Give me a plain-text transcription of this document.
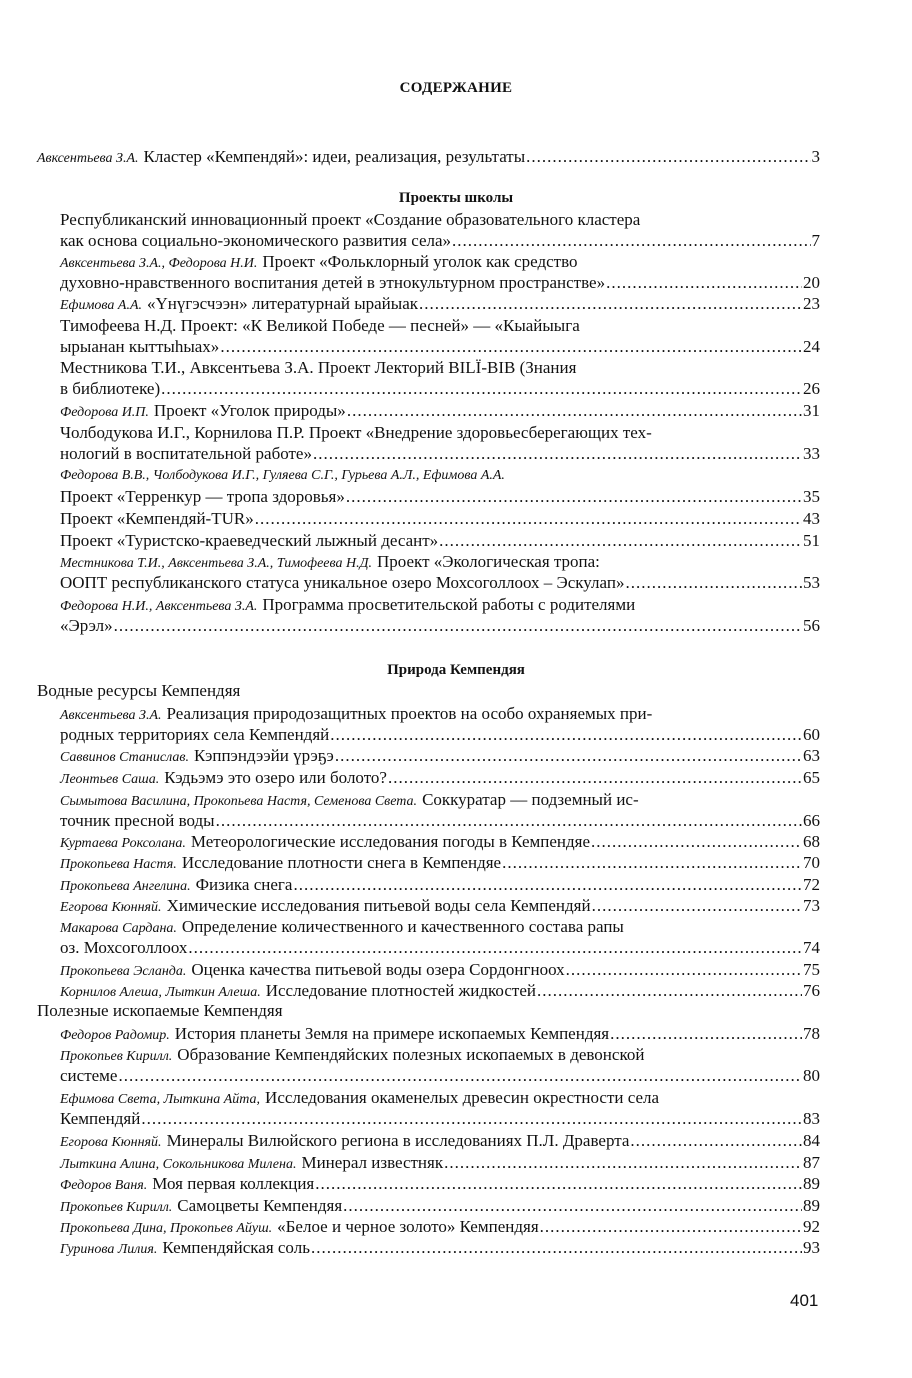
СОДЕРЖАНИЕ
Авксентьева З.А. Кластер «Кемпендяй»: идеи, реализация, результаты .....	3
Проекты школы
Республиканский инновационный проект «Создание образовательного кластера
как основа социально-экономического развития села» .....	7
Авксентьева З.А., Федорова Н.И. Проект «Фольклорный уголок как средство
духовно-нравственного воспитания детей в этнокультурном пространстве» .....	20
Ефимова А.А. «Үнүгэсчээн» литературнай ырайыак .....	23
Тимофеева Н.Д. Проект: «К Великой Победе — песней» — «Кыайыыга
ырыанан кыттыһыах» .....	24
Местникова Т.И., Авксентьева З.А. Проект Лекторий BILÏ-BIB (Знания
в библиотеке) .....	26
Федорова И.П. Проект «Уголок природы» .....	31
Чолбодукова И.Г., Корнилова П.Р. Проект «Внедрение здоровьесберегающих тех-
нологий в воспитательной работе» .....	33
Федорова В.В., Чолбодукова И.Г., Гуляева С.Г., Гурьева А.Л., Ефимова А.А.
Проект «Терренкур — тропа здоровья» .....	35
Проект «Кемпендяй-TUR» .....	43
Проект «Туристско-краеведческий лыжный десант» .....	51
Местникова Т.И., Авксентьева З.А., Тимофеева Н.Д. Проект «Экологическая тропа:
ООПТ республиканского статуса уникальное озеро Мохсоголлоох – Эскулап» .....	.53
Федорова Н.И., Авксентьева З.А. Программа просветительской работы с родителями
«Эрэл» .....	56
Природа Кемпендяя
Водные ресурсы Кемпендяя
Авксентьева З.А. Реализация природозащитных проектов на особо охраняемых при-
родных территориях села Кемпендяй .....	60
Саввинов Станислав. Кэппэндээйи үрэҕэ .....	63
Леонтьев Саша. Кэдьэмэ это озеро или болото? .....	65
Сымытова Василина, Прокопьева Настя, Семенова Света. Соккуратар — подземный ис-
точник пресной воды .....	66
Куртаева Роксолана. Метеорологические исследования погоды в Кемпендяе .....	68
Прокопьева Настя. Исследование плотности снега в Кемпендяе .....	70
Прокопьева Ангелина. Физика снега .....	72
Егорова Кюнняй. Химические исследования питьевой воды села Кемпендяй .....	73
Макарова Сардана. Определение количественного и качественного состава рапы
оз. Мохсоголлоох .....	74
Прокопьева Эсланда. Оценка качества питьевой воды озера Сордонгноох .....	75
Корнилов Алеша, Лыткин Алеша. Исследование плотностей жидкостей .....	76
Полезные ископаемые Кемпендяя
Федоров Радомир. История планеты Земля на примере ископаемых Кемпендяя .....	78
Прокопьев Кирилл. Образование Кемпендяйских полезных ископаемых в девонской
системе .....	80
Ефимова Света, Лыткина Айта, Исследования окаменелых древесин окрестности села
Кемпендяй .....	83
Егорова Кюнняй. Минералы Вилюйского региона в исследованиях П.Л. Драверта .....	84
Лыткина Алина, Сокольникова Милена. Минерал известняк .....	87
Федоров Ваня. Моя первая коллекция .....	89
Прокопьев Кирилл. Самоцветы Кемпендяя .....	89
Прокопьева Дина, Прокопьев Айуш. «Белое и черное золото» Кемпендяя .....	92
Гуринова Лилия. Кемпендяйская соль .....	93
401
